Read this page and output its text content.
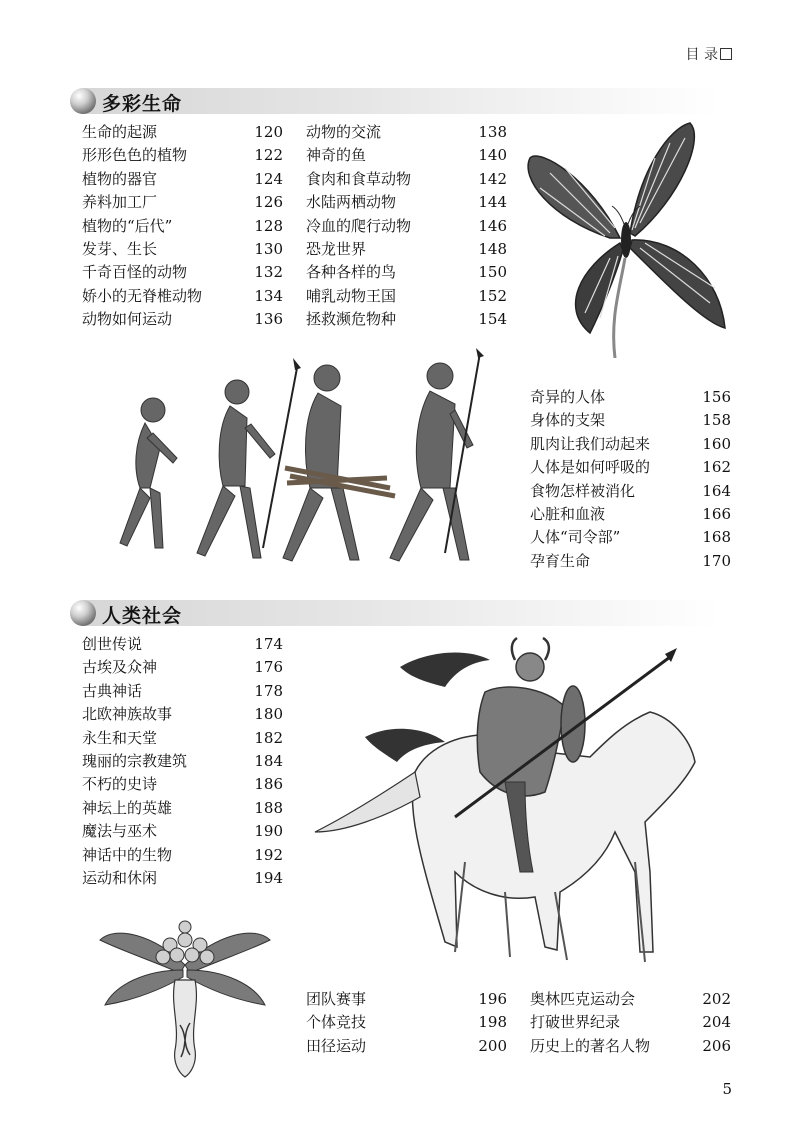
目 录
多彩生命
生命的起源	120
形形色色的植物	122
植物的器官	124
养料加工厂	126
植物的“后代”	128
发芽、生长	130
千奇百怪的动物	132
娇小的无脊椎动物	134
动物如何运动	136
动物的交流	138
神奇的鱼	140
食肉和食草动物	142
水陆两栖动物	144
冷血的爬行动物	146
恐龙世界	148
各种各样的鸟	150
哺乳动物王国	152
拯救濒危物种	154
奇异的人体	156
身体的支架	158
肌肉让我们动起来	160
人体是如何呼吸的	162
食物怎样被消化	164
心脏和血液	166
人体“司令部”	168
孕育生命	170
人类社会
创世传说	174
古埃及众神	176
古典神话	178
北欧神族故事	180
永生和天堂	182
瑰丽的宗教建筑	184
不朽的史诗	186
神坛上的英雄	188
魔法与巫术	190
神话中的生物	192
运动和休闲	194
团队赛事	196
个体竞技	198
田径运动	200
奥林匹克运动会	202
打破世界纪录	204
历史上的著名人物	206
5
